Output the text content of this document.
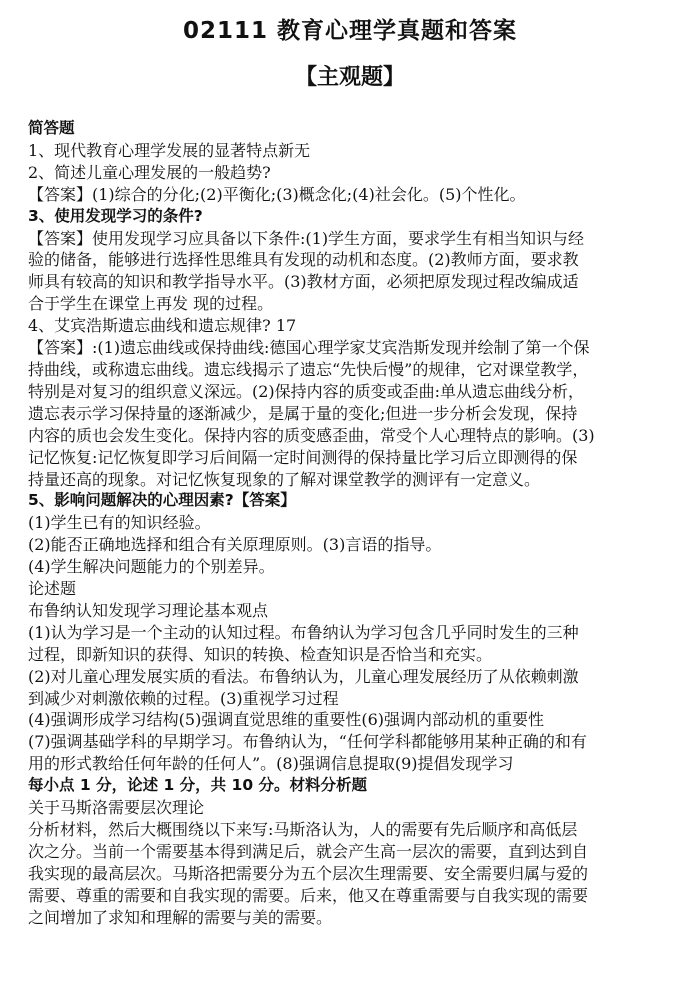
02111 教育心理学真题和答案
【主观题】
简答题
1、现代教育心理学发展的显著特点新无
2、简述儿童心理发展的一般趋势?
【答案】(1)综合的分化;(2)平衡化;(3)概念化;(4)社会化。(5)个性化。
3、使用发现学习的条件?
【答案】使用发现学习应具备以下条件:(1)学生方面，要求学生有相当知识与经
验的储备，能够进行选择性思维具有发现的动机和态度。(2)教师方面，要求教
师具有较高的知识和教学指导水平。(3)教材方面，必须把原发现过程改编成适
合于学生在课堂上再发 现的过程。
4、艾宾浩斯遗忘曲线和遗忘规律? 17
【答案】:(1)遗忘曲线或保持曲线:德国心理学家艾宾浩斯发现并绘制了第一个保
持曲线，或称遗忘曲线。遗忘线揭示了遗忘“先快后慢”的规律，它对课堂教学，
特别是对复习的组织意义深远。(2)保持内容的质变或歪曲:单从遗忘曲线分析，
遗忘表示学习保持量的逐渐减少，是属于量的变化;但进一步分析会发现，保持
内容的质也会发生变化。保持内容的质变感歪曲，常受个人心理特点的影响。(3)
记忆恢复:记忆恢复即学习后间隔一定时间测得的保持量比学习后立即测得的保
持量还高的现象。对记忆恢复现象的了解对课堂教学的测评有一定意义。
5、影响问题解决的心理因素?【答案】
(1)学生已有的知识经验。
(2)能否正确地选择和组合有关原理原则。(3)言语的指导。
(4)学生解决问题能力的个别差异。
论述题
布鲁纳认知发现学习理论基本观点
(1)认为学习是一个主动的认知过程。布鲁纳认为学习包含几乎同时发生的三种
过程，即新知识的获得、知识的转换、检查知识是否恰当和充实。
(2)对儿童心理发展实质的看法。布鲁纳认为，儿童心理发展经历了从依赖刺激
到减少对刺激依赖的过程。(3)重视学习过程
(4)强调形成学习结构(5)强调直觉思维的重要性(6)强调内部动机的重要性
(7)强调基础学科的早期学习。布鲁纳认为，“任何学科都能够用某种正确的和有
用的形式教给任何年龄的任何人”。(8)强调信息提取(9)提倡发现学习
每小点 1 分，论述 1 分，共 10 分。材料分析题
关于马斯洛需要层次理论
分析材料，然后大概围绕以下来写:马斯洛认为，人的需要有先后顺序和高低层
次之分。当前一个需要基本得到满足后，就会产生高一层次的需要，直到达到自
我实现的最高层次。马斯洛把需要分为五个层次生理需要、安全需要归属与爱的
需要、尊重的需要和自我实现的需要。后来，他又在尊重需要与自我实现的需要
之间增加了求知和理解的需要与美的需要。
